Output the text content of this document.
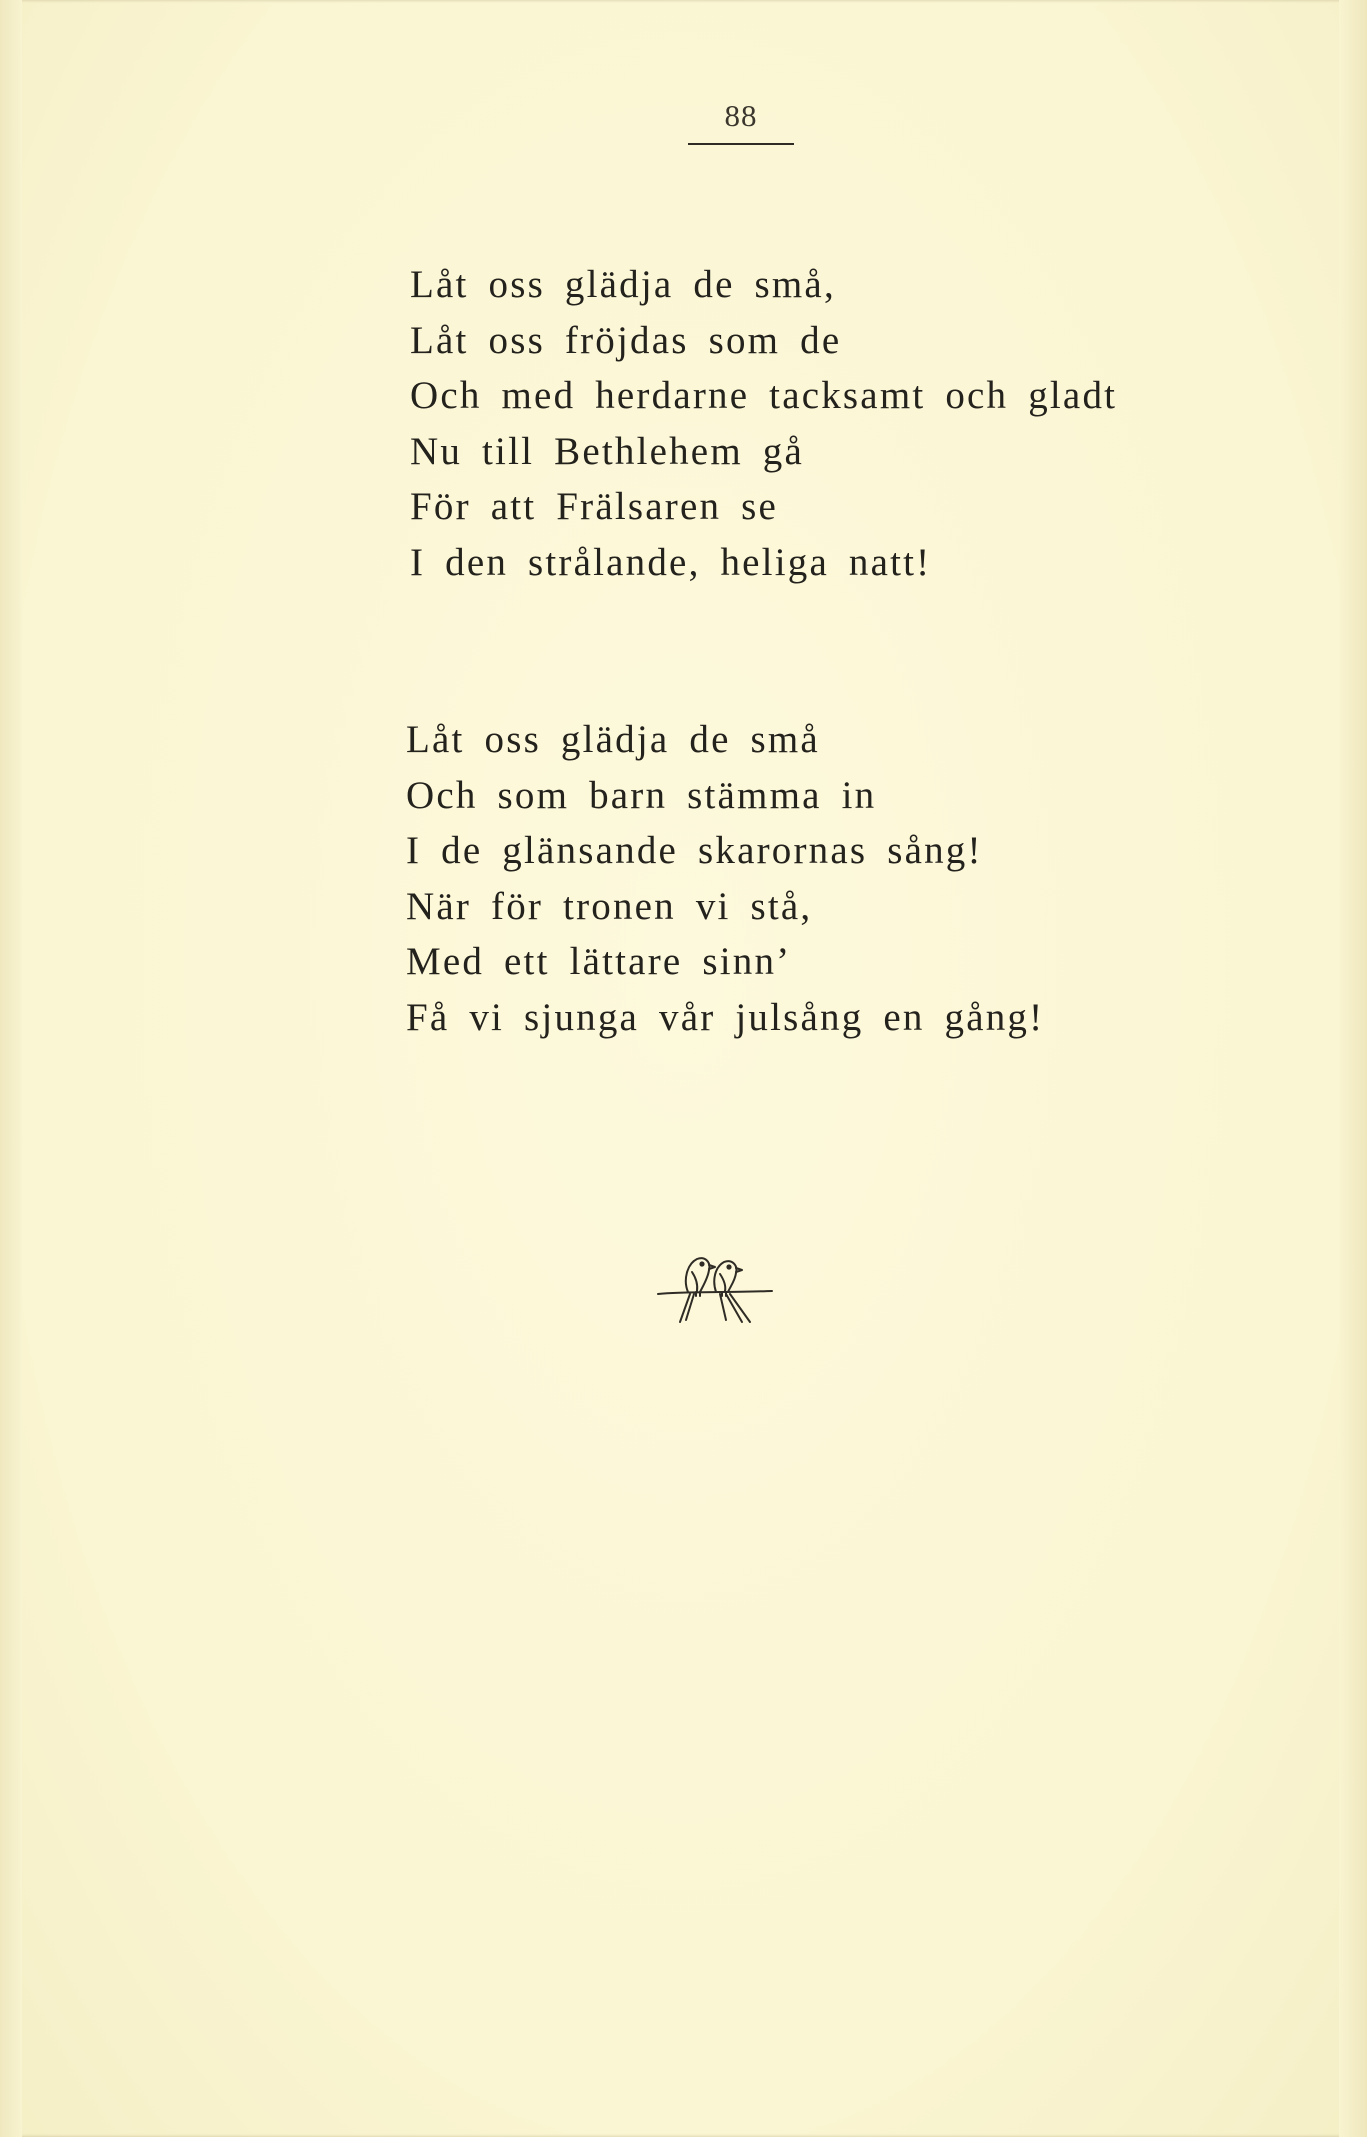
88
Låt oss glädja de små,
Låt oss fröjdas som de
Och med herdarne tacksamt och gladt
Nu till Bethlehem gå
För att Frälsaren se
I den strålande, heliga natt!
Låt oss glädja de små
Och som barn stämma in
I de glänsande skarornas sång!
När för tronen vi stå,
Med ett lättare sinn’
Få vi sjunga vår julsång en gång!
